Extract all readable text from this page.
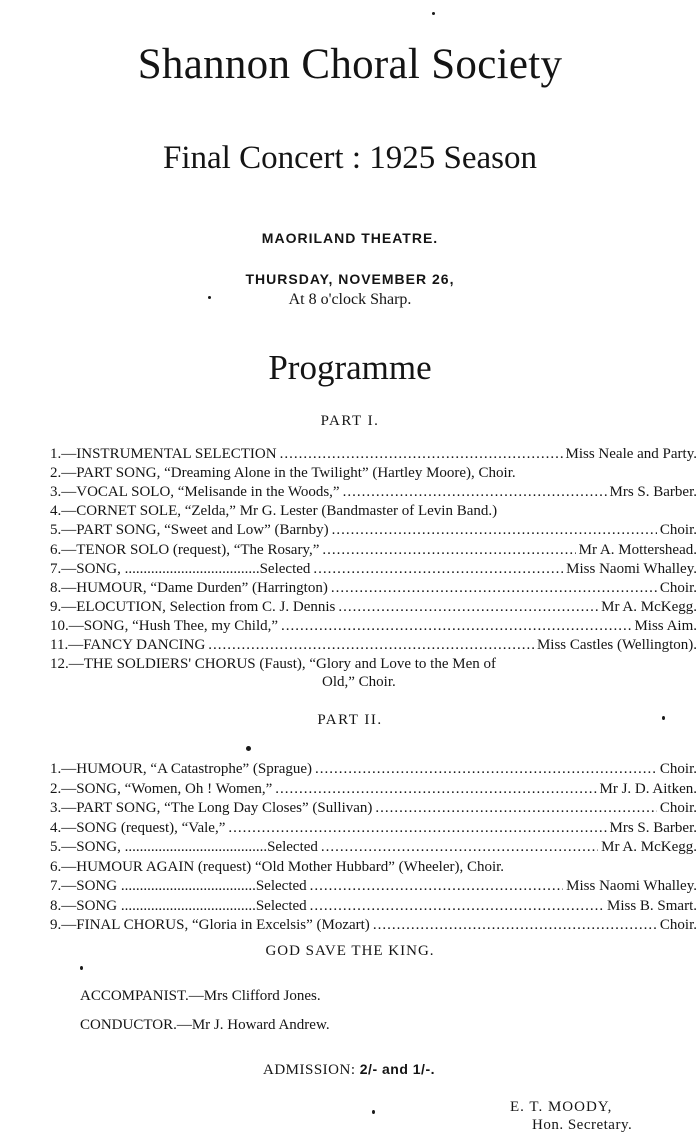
Shannon Choral Society
Final Concert : 1925 Season
MAORILAND THEATRE.
THURSDAY, NOVEMBER 26,
At 8 o'clock Sharp.
Programme
PART I.
1.—INSTRUMENTAL SELECTION .....	Miss Neale and Party.
2.—PART SONG, “Dreaming Alone in the Twilight” (Hartley Moore), Choir.
3.—VOCAL SOLO, “Melisande in the Woods,” .....	Mrs S. Barber.
4.—CORNET SOLE, “Zelda,” Mr G. Lester (Bandmaster of Levin Band.)
5.—PART SONG, “Sweet and Low” (Barnby) .....	Choir.
6.—TENOR SOLO (request), “The Rosary,” .....	Mr A. Mottershead.
7.—SONG, ....................................Selected .....	Miss Naomi Whalley.
8.—HUMOUR, “Dame Durden” (Harrington) .....	Choir.
9.—ELOCUTION, Selection from C. J. Dennis .....	Mr A. McKegg.
10.—SONG, “Hush Thee, my Child,” .....	Miss Aim.
11.—FANCY DANCING .....	Miss Castles (Wellington).
12.—THE SOLDIERS' CHORUS (Faust), “Glory and Love to the Men of
Old,” Choir.
PART II.
1.—HUMOUR, “A Catastrophe” (Sprague) .....	Choir.
2.—SONG, “Women, Oh ! Women,” .....	Mr J. D. Aitken.
3.—PART SONG, “The Long Day Closes” (Sullivan) .....	Choir.
4.—SONG (request), “Vale,” .....	Mrs S. Barber.
5.—SONG, ......................................Selected .....	Mr A. McKegg.
6.—HUMOUR AGAIN (request) “Old Mother Hubbard” (Wheeler), Choir.
7.—SONG ....................................Selected .....	Miss Naomi Whalley.
8.—SONG ....................................Selected .....	Miss B. Smart.
9.—FINAL CHORUS, “Gloria in Excelsis” (Mozart) .....	Choir.
GOD SAVE THE KING.
ACCOMPANIST.—Mrs Clifford Jones.
CONDUCTOR.—Mr J. Howard Andrew.
ADMISSION: 2/- and 1/-.
E. T. MOODY,
Hon. Secretary.
